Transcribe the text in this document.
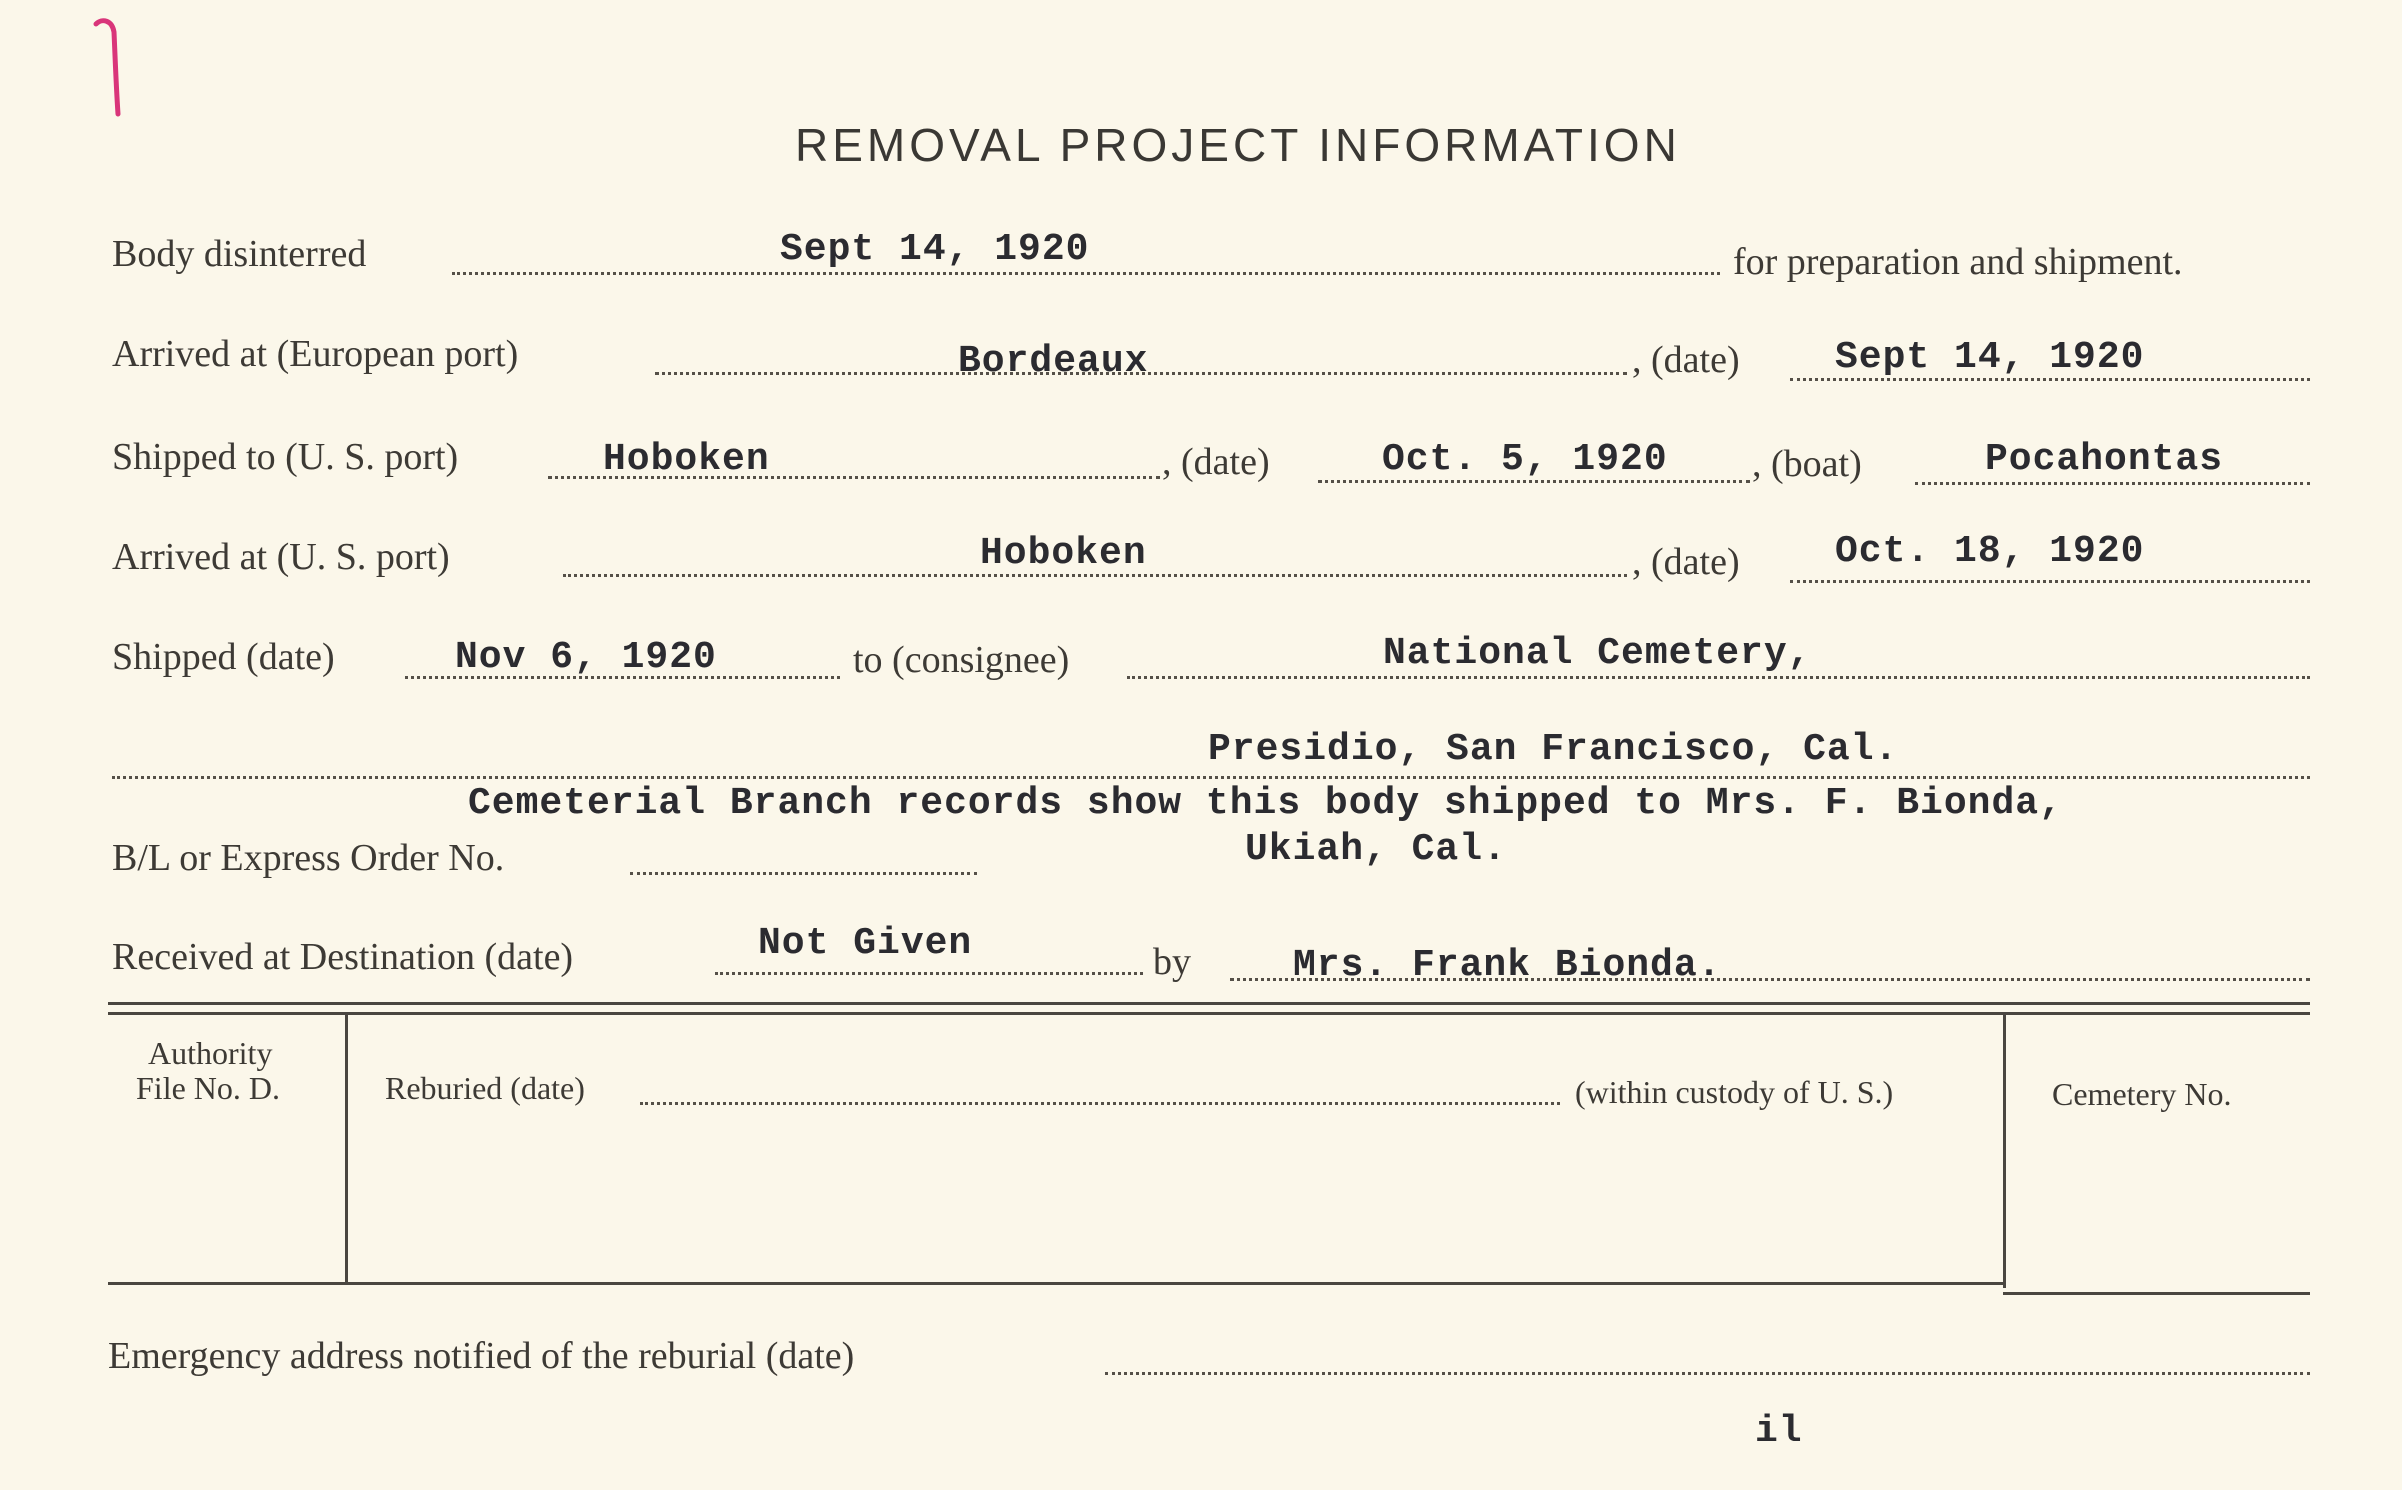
REMOVAL PROJECT INFORMATION
Body disinterred	Sept 14, 1920	for preparation and shipment.
Arrived at (European port)	Bordeaux	, (date)	Sept 14, 1920
Shipped to (U. S. port)	Hoboken	, (date)	Oct. 5, 1920 , (boat)	Pocahontas
Arrived at (U. S. port)	Hoboken	, (date)	Oct. 18, 1920
Shipped (date)	Nov 6, 1920	to (consignee)	National Cemetery,
Presidio, San Francisco, Cal.
Cemeterial Branch records show this body shipped to Mrs. F. Bionda,
Ukiah, Cal.
B/L or Express Order No.
Received at Destination (date)	Not Given	by	Mrs. Frank Bionda.
Authority
File No. D.	Reburied (date)	(within custody of U. S.)	Cemetery No.
Emergency address notified of the reburial (date)
il
